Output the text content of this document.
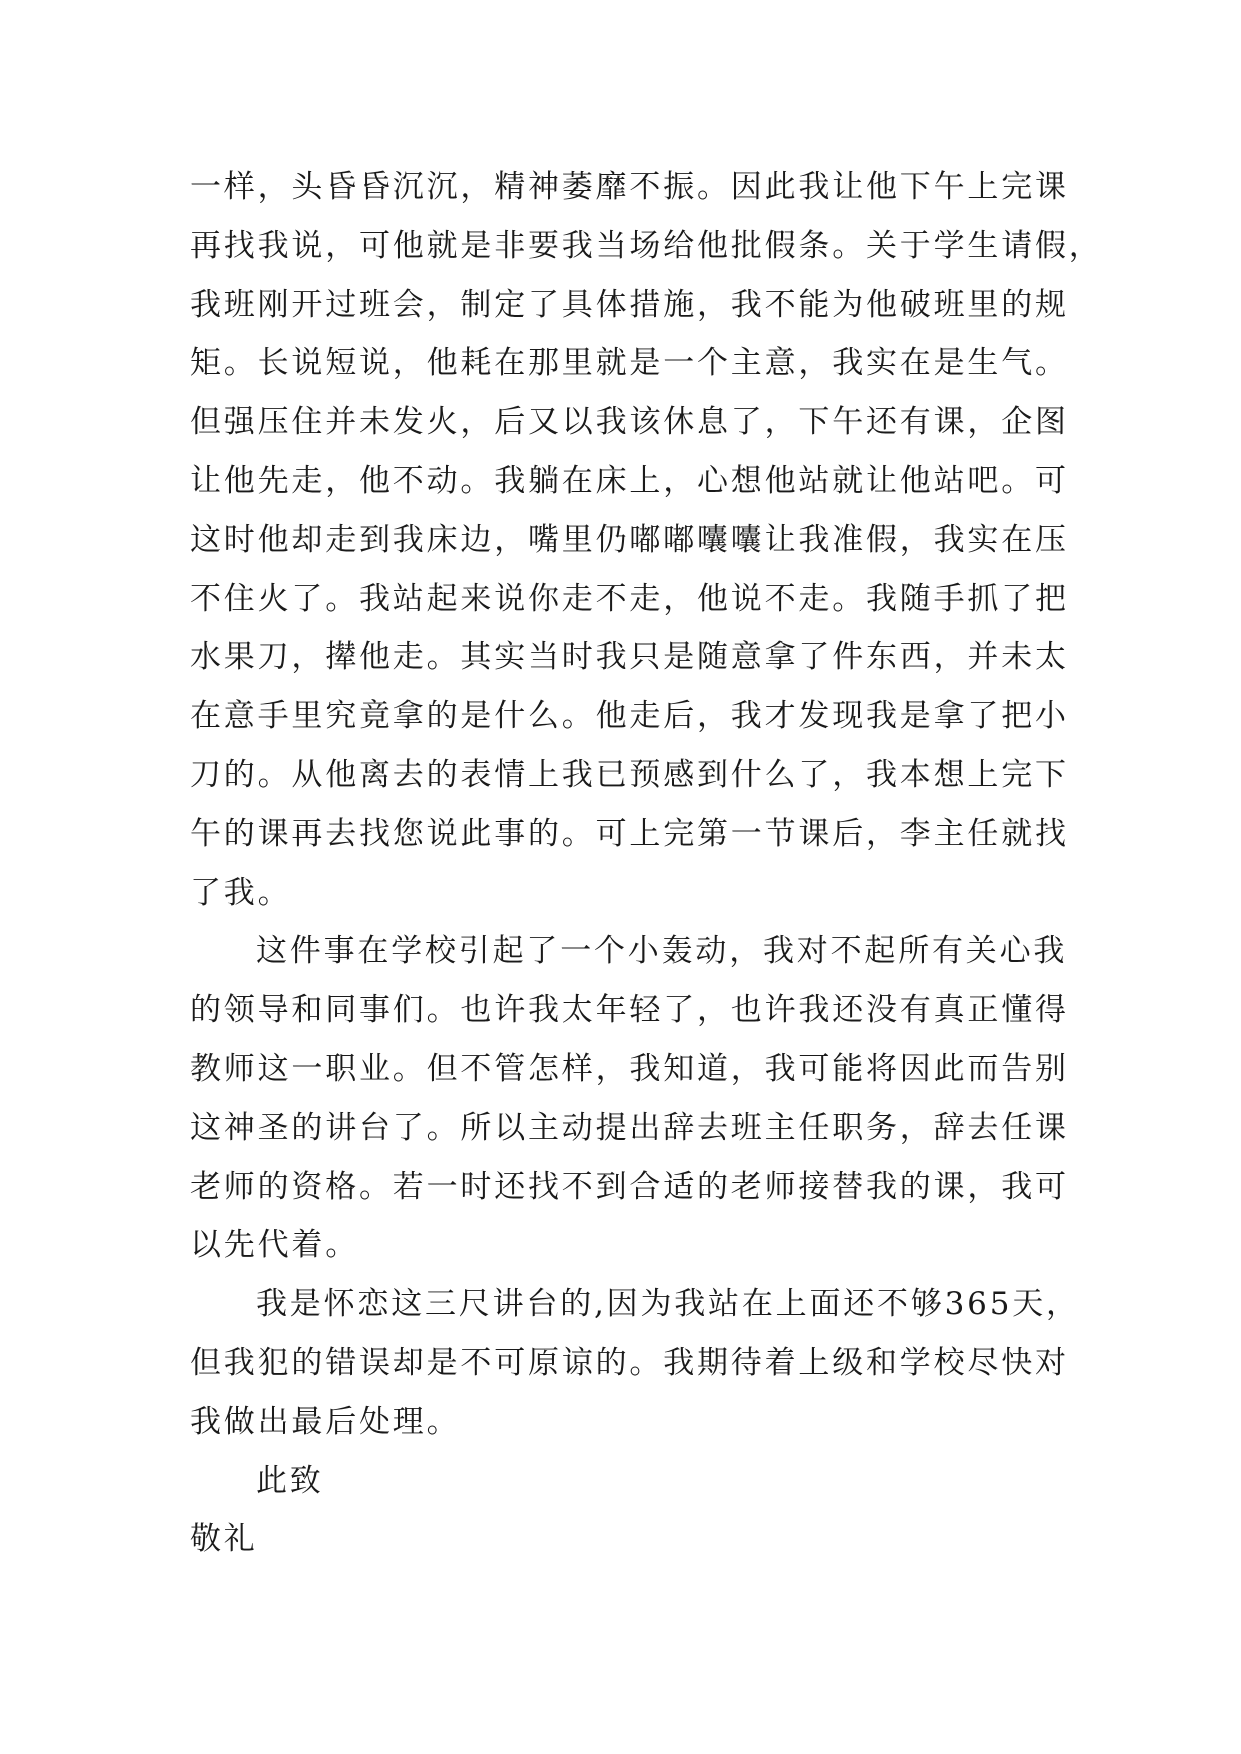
一样，头昏昏沉沉，精神萎靡不振。因此我让他下午上完课
再找我说，可他就是非要我当场给他批假条。关于学生请假，
我班刚开过班会，制定了具体措施，我不能为他破班里的规
矩。长说短说，他耗在那里就是一个主意，我实在是生气。
但强压住并未发火，后又以我该休息了，下午还有课，企图
让他先走，他不动。我躺在床上，心想他站就让他站吧。可
这时他却走到我床边，嘴里仍嘟嘟囔囔让我准假，我实在压
不住火了。我站起来说你走不走，他说不走。我随手抓了把
水果刀，撵他走。其实当时我只是随意拿了件东西，并未太
在意手里究竟拿的是什么。他走后，我才发现我是拿了把小
刀的。从他离去的表情上我已预感到什么了，我本想上完下
午的课再去找您说此事的。可上完第一节课后，李主任就找
了我。
这件事在学校引起了一个小轰动，我对不起所有关心我
的领导和同事们。也许我太年轻了，也许我还没有真正懂得
教师这一职业。但不管怎样，我知道，我可能将因此而告别
这神圣的讲台了。所以主动提出辞去班主任职务，辞去任课
老师的资格。若一时还找不到合适的老师接替我的课，我可
以先代着。
我是怀恋这三尺讲台的,因为我站在上面还不够365天，
但我犯的错误却是不可原谅的。我期待着上级和学校尽快对
我做出最后处理。
此致
敬礼
